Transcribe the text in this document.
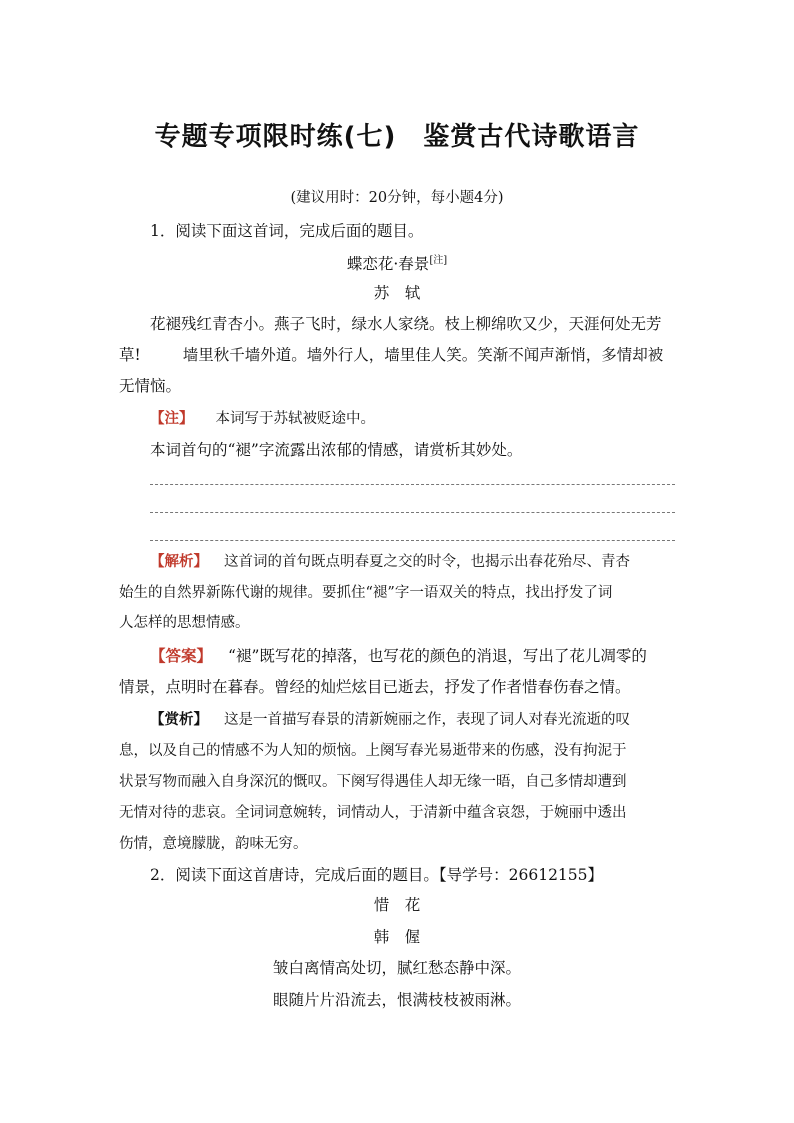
专题专项限时练(七)　鉴赏古代诗歌语言
(建议用时：20分钟，每小题4分)
1．阅读下面这首词，完成后面的题目。
蝶恋花·春景[注]
苏　轼
花褪残红青杏小。燕子飞时，绿水人家绕。枝上柳绵吹又少，天涯何处无芳
草!	墙里秋千墙外道。墙外行人，墙里佳人笑。笑渐不闻声渐悄，多情却被
无情恼。
【注】 本词写于苏轼被贬途中。
本词首句的“褪”字流露出浓郁的情感，请赏析其妙处。
【解析】 这首词的首句既点明春夏之交的时令，也揭示出春花殆尽、青杏
始生的自然界新陈代谢的规律。要抓住“褪”字一语双关的特点，找出抒发了词
人怎样的思想情感。
【答案】 “褪”既写花的掉落，也写花的颜色的消退，写出了花儿凋零的
情景，点明时在暮春。曾经的灿烂炫目已逝去，抒发了作者惜春伤春之情。
【赏析】 这是一首描写春景的清新婉丽之作，表现了词人对春光流逝的叹
息，以及自己的情感不为人知的烦恼。上阕写春光易逝带来的伤感，没有拘泥于
状景写物而融入自身深沉的慨叹。下阕写得遇佳人却无缘一晤，自己多情却遭到
无情对待的悲哀。全词词意婉转，词情动人，于清新中蕴含哀怨，于婉丽中透出
伤情，意境朦胧，韵味无穷。
2．阅读下面这首唐诗，完成后面的题目。【导学号：26612155】
惜　花
韩　偓
皱白离情高处切，腻红愁态静中深。
眼随片片沿流去，恨满枝枝被雨淋。
